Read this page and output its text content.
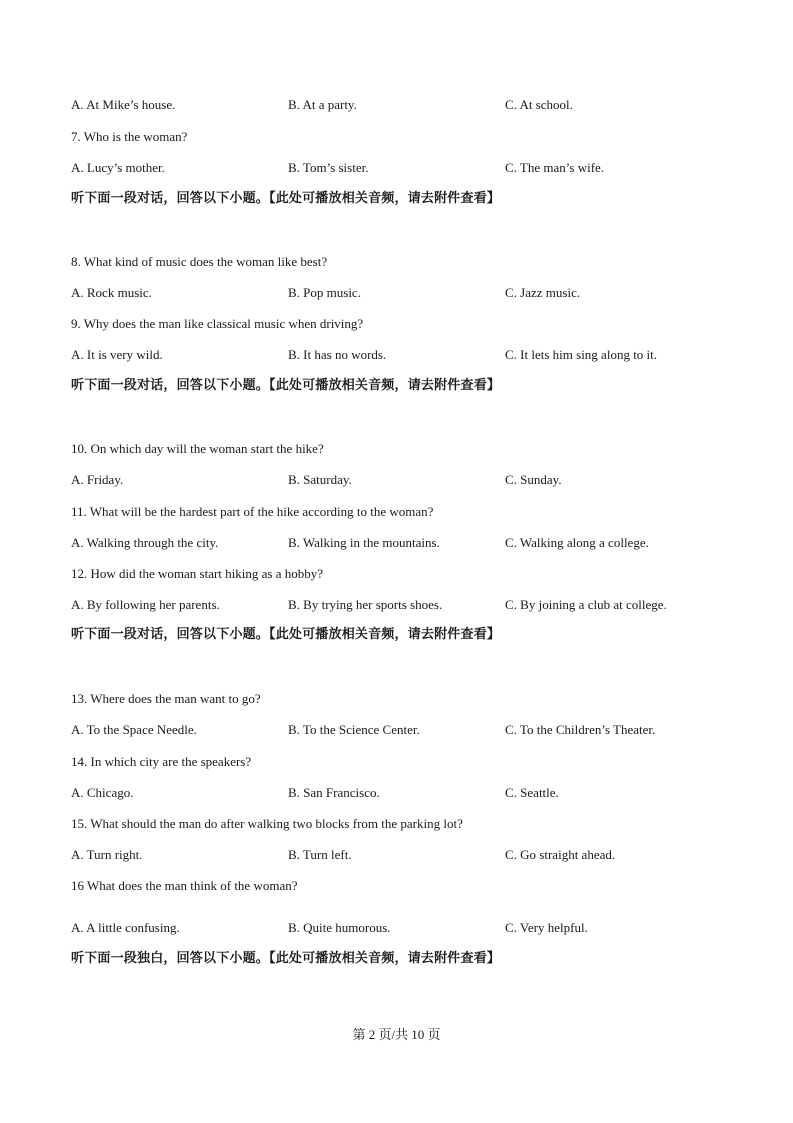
A. At Mike’s house.	B. At a party.	C. At school.
7. Who is the woman?
A. Lucy’s mother.	B. Tom’s sister.	C. The man’s wife.
听下面一段对话，回答以下小题。【此处可播放相关音频，请去附件查看】
8. What kind of music does the woman like best?
A. Rock music.	B. Pop music.	C. Jazz music.
9. Why does the man like classical music when driving?
A. It is very wild.	B. It has no words.	C. It lets him sing along to it.
听下面一段对话，回答以下小题。【此处可播放相关音频，请去附件查看】
10. On which day will the woman start the hike?
A. Friday.	B. Saturday.	C. Sunday.
11. What will be the hardest part of the hike according to the woman?
A. Walking through the city.	B. Walking in the mountains.	C. Walking along a college.
12. How did the woman start hiking as a hobby?
A. By following her parents.	B. By trying her sports shoes.	C. By joining a club at college.
听下面一段对话，回答以下小题。【此处可播放相关音频，请去附件查看】
13. Where does the man want to go?
A. To the Space Needle.	B. To the Science Center.	C. To the Children’s Theater.
14. In which city are the speakers?
A. Chicago.	B. San Francisco.	C. Seattle.
15. What should the man do after walking two blocks from the parking lot?
A. Turn right.	B. Turn left.	C. Go straight ahead.
16 What does the man think of the woman?
A. A little confusing.	B. Quite humorous.	C. Very helpful.
听下面一段独白，回答以下小题。【此处可播放相关音频，请去附件查看】
第 2 页/共 10 页
